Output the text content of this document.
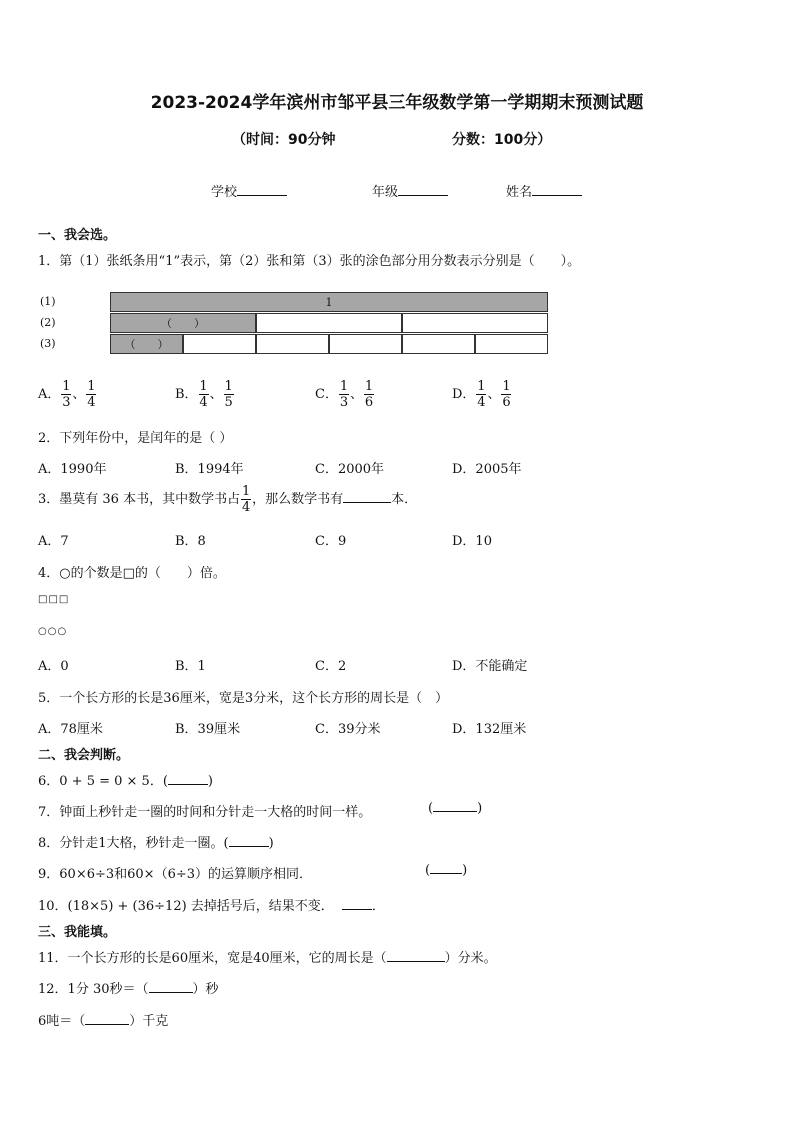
2023-2024学年滨州市邹平县三年级数学第一学期期末预测试题
（时间：90分钟	分数：100分）
学校	年级	姓名
一、我会选。
1．第（1）张纸条用“1”表示，第（2）张和第（3）张的涂色部分用分数表示分别是（　　）。
(1)
(2)
(3)
1
（　　）
（　　）
A． $\frac{1}{3}$ 、 $\frac{1}{4}$	B． $\frac{1}{4}$ 、 $\frac{1}{5}$	C． $\frac{1}{3}$ 、 $\frac{1}{6}$	D． $\frac{1}{4}$ 、 $\frac{1}{6}$
2．下列年份中，是闰年的是（ ）
A．1990年	B．1994年	C．2000年	D．2005年
3．墨莫有 36 本书，其中数学书占 $\frac{1}{4}$ ，那么数学书有	本．
A．7	B．8	C．9	D．10
4．○的个数是□的（　　）倍。
□□□
○○○
A．0	B．1	C．2	D．不能确定
5．一个长方形的长是36厘米，宽是3分米，这个长方形的周长是（　）
A．78厘米	B．39厘米	C．39分米	D．132厘米
二、我会判断。
6．0 + 5 = 0 × 5．(	)
7．钟面上秒针走一圈的时间和分针走一大格的时间一样。	(	)
8．分针走1大格，秒针走一圈。(	)
9．60×6÷3和60×（6÷3）的运算顺序相同．	( )
10．(18×5) + (36÷12) 去掉括号后，结果不变．	．
三、我能填。
11．一个长方形的长是60厘米，宽是40厘米，它的周长是（	）分米。
12．1分 30秒＝（	）秒
6吨＝（	）千克
